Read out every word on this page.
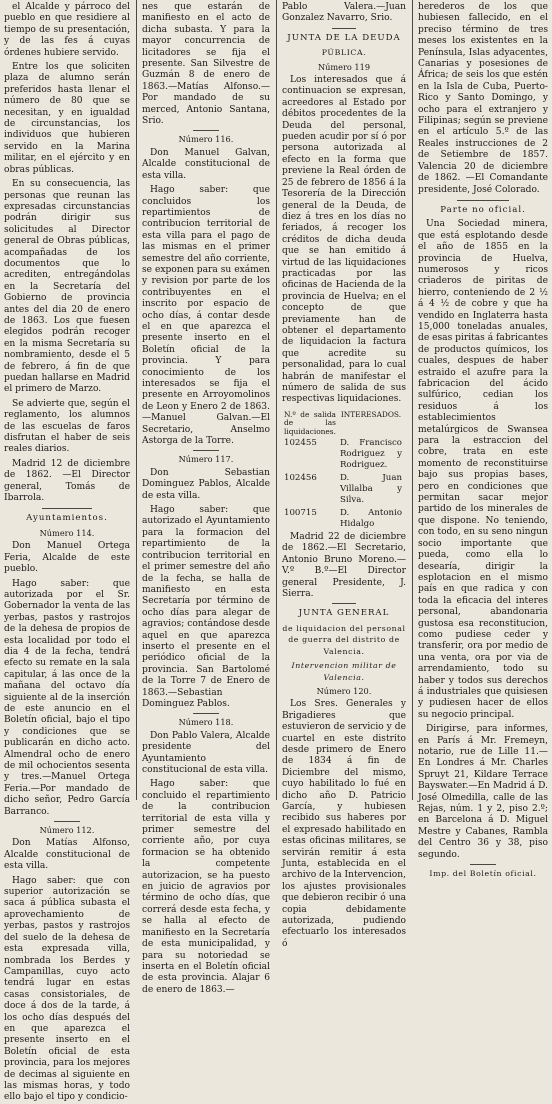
el Alcalde y párroco del pueblo en que residiere al tiempo de su presentación, y de las fes á cuyas órdenes hubiere servido.

Entre los que soliciten plaza de alumno serán preferidos hasta llenar el número de 80 que se necesitan, y en igualdad de circunstancias, los individuos que hubieren servido en la Marina militar, en el ejército y en obras públicas.

En su consecuencia, las personas que reunan las expresadas circunstancias podrán dirigir sus solicitudes al Director general de Obras públicas, acompañadas de los documentos que lo acrediten, entregándolas en la Secretaría del Gobierno de provincia antes del dia 20 de enero de 1863. Los que fuesen elegidos podrán recoger en la misma Secretaría su nombramiento, desde el 5 de febrero, á fin de que puedan hallarse en Madrid el primero de Marzo.

Se advierte que, según el reglamento, los alumnos de las escuelas de faros disfrutan el haber de seis reales diarios.

Madrid 12 de diciembre de 1862. —El Director general, Tomás de Ibarrola.

Ayuntamientos.
Número 114.

Don Manuel Ortega Feria, Alcalde de este pueblo.

Hago saber: que autorizada por el Sr. Gobernador la venta de las yerbas, pastos y rastrojos de la dehesa de propios de esta localidad por todo el dia 4 de la fecha, tendrá efecto su remate en la sala capitular, á las once de la mañana del octavo día siguiente al de la inserción de este anuncio en el Boletín oficial, bajo el tipo y condiciones que se publicarán en dicho acto. Almendral ocho de enero de mil ochocientos sesenta y tres.—Manuel Ortega Feria.—Por mandado de dicho señor, Pedro García Barranco.

Número 112.

Don Matías Alfonso, Alcalde constitucional de esta villa.

Hago saber: que con superior autorización se saca á pública subasta el aprovechamiento de yerbas, pastos y rastrojos del suelo de la dehesa de esta expresada villa, nombrada los Berdes y Campanillas, cuyo acto tendrá lugar en estas casas consistoriales, de doce á dos de la tarde, á los ocho días después del en que aparezca el presente inserto en el Boletín oficial de esta provincia, para los mejores de decimas al siguiente en las mismas horas, y todo ello bajo el tipo y condicio-

nes que estarán de manifiesto en el acto de dicha subasta. Y para la mayor concurrencia de licitadores se fija el presente. San Silvestre de Guzmán 8 de enero de 1863.—Matías Alfonso.—Por mandado de su merced, Antonio Santana, Srio.

Número 116.

Don Manuel Galvan, Alcalde constitucional de esta villa.

Hago saber: que concluidos los repartimientos de contribucion territorial de esta villa para el pago de las mismas en el primer semestre del año corriente, se exponen para su exámen y revision por parte de los contribuyentes en el inscrito por espacio de ocho días, á contar desde el en que aparezca el presente inserto en el Boletín oficial de la provincia. Y para conocimiento de los interesados se fija el presente en Arroyomolinos de Leon y Enero 2 de 1863. —Manuel Galvan.—El Secretario, Anselmo Astorga de la Torre.

Número 117.

Don Sebastian Dominguez Pablos, Alcalde de esta villa.

Hago saber: que autorizado el Ayuntamiento para la formacion del repartimiento de la contribucion territorial en el primer semestre del año de la fecha, se halla de manifiesto en esta Secretaría por término de ocho días para alegar de agravios; contándose desde aquel en que aparezca inserto el presente en el periódico oficial de la provincia. San Bartolomé de la Torre 7 de Enero de 1863.—Sebastian Dominguez Pablos.

Número 118.

Don Pablo Valera, Alcalde presidente del Ayuntamiento constitucional de esta villa.

Hago saber: que concluido el repartimiento de la contribucion territorial de esta villa y primer semestre del corriente año, por cuya formacion se ha obtenido la competente autorizacion, se ha puesto en juicio de agravios por término de ocho días, que correrá desde esta fecha, y se halla al efecto de manifiesto en la Secretaría de esta municipalidad, y para su notoriedad se inserta en el Boletín oficial de esta provincia. Alajar 6 de enero de 1863.—

Pablo Valera.—Juan Gonzalez Navarro, Srio.

JUNTA DE LA DEUDA
PÚBLICA.
Número 119

Los interesados que á continuacion se expresan, acreedores al Estado por débitos procedentes de la Deuda del personal, pueden acudir por sí ó por persona autorizada al efecto en la forma que previene la Real órden de 25 de febrero de 1856 á la Tesorería de la Dirección general de la Deuda, de diez á tres en los días no feriados, á recoger los créditos de dicha deuda que se han emitido á virtud de las liquidaciones practicadas por las oficinas de Hacienda de la provincia de Huelva; en el concepto de que previamente han de obtener el departamento de liquidacion la factura que acredite su personalidad, para lo cual habrán de manifestar el número de salida de sus respectivas liquidaciones.

N.º de salida de las liquidaciones.	INTERESADOS.
102455	D. Francisco Rodriguez y Rodriguez.
102456	D. Juan Villalba y Silva.
100715	D. Antonio Hidalgo

Madrid 22 de diciembre de 1862.—El Secretario, Antonio Bruno Moreno.—V.º B.º—El Director general Presidente, J. Sierra.

JUNTA GENERAL
de liquidacion del personal de guerra del distrito de Valencia.
Intervencion militar de Valencia.
Número 120.

Los Sres. Generales y Brigadieres que estuvieron de servicio y de cuartel en este distrito desde primero de Enero de 1834 á fin de Diciembre del mismo, cuyo habilitado lo fué en dicho año D. Patricio García, y hubiesen recibido sus haberes por el expresado habilitado en estas oficinas militares, se servirán remitir á esta Junta, establecida en el archivo de la Intervencion, los ajustes provisionales que debieron recibir ó una copia debidamente autorizada, pudiendo efectuarlo los interesados ó

herederos de los que hubiesen fallecido, en el preciso término de tres meses los existentes en la Península, Islas adyacentes, Canarias y posesiones de África; de seis los que estén en la Isla de Cuba, Puerto-Rico y Santo Domingo, y ocho para el extranjero y Filipinas; según se previene en el artículo 5.º de las Reales instrucciones de 2 de Setiembre de 1857. Valencia 20 de diciembre de 1862. —El Comandante presidente, José Colorado.

Parte no oficial.

Una Sociedad minera, que está esplotando desde el año de 1855 en la provincia de Huelva, numerosos y ricos criaderos de piritas de hierro, conteniendo de 2 ½ á 4 ½ de cobre y que ha vendido en Inglaterra hasta 15,000 toneladas anuales, de esas piritas á fabricantes de productos químicos, los cuales, despues de haber estraido el azufre para la fabricacion del ácido sulfúrico, cedian los residuos á los establecimientos metalúrgicos de Swansea para la estraccion del cobre, trata en este momento de reconstituirse bajo sus propias bases, pero en condiciones que permitan sacar mejor partido de los minerales de que dispone. No teniendo, con todo, en su seno ningun socio importante que pueda, como ella lo desearía, dirigir la esplotacion en el mismo país en que radica y con toda la eficacia del interes personal, abandonaria gustosa esa reconstitucion, como pudiese ceder y transferir, ora por medio de una venta, ora por via de arrendamiento, todo su haber y todos sus derechos á industriales que quisiesen y pudiesen hacer de ellos su negocio principal.

Dirigirse, para informes, en París á Mr. Fremeyn, notario, rue de Lille 11.—En Londres á Mr. Charles Spruyt 21, Kildare Terrace Bayswater.—En Madrid á D. José Olmedilla, calle de las Rejas, núm. 1 y 2, piso 2.º; en Barcelona á D. Miguel Mestre y Cabanes, Rambla del Centro 36 y 38, piso segundo.

Imp. del Boletín oficial.
